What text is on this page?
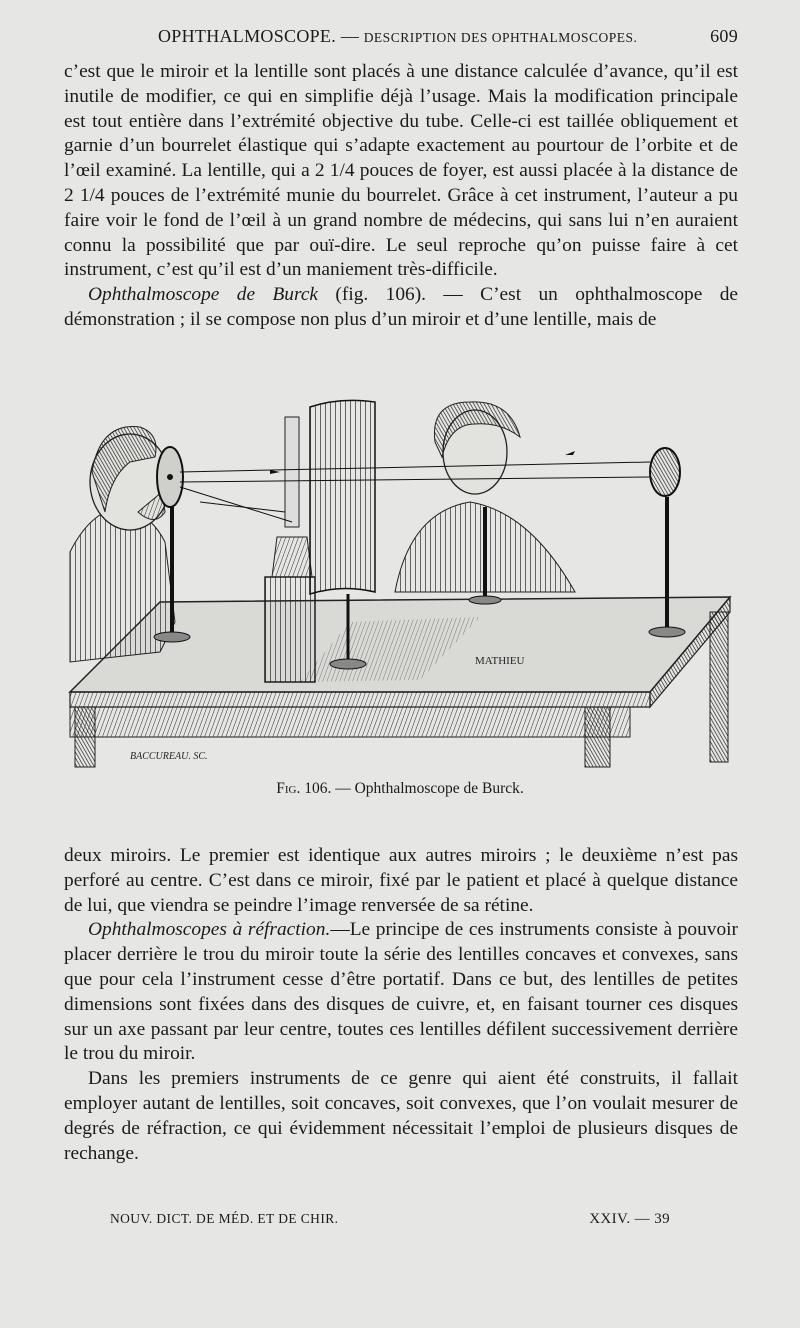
OPHTHALMOSCOPE. — DESCRIPTION DES OPHTHALMOSCOPES.	609

c’est que le miroir et la lentille sont placés à une distance calculée d’avance, qu’il est inutile de modifier, ce qui en simplifie déjà l’usage. Mais la modification principale est tout entière dans l’extrémité objective du tube. Celle-ci est taillée obliquement et garnie d’un bourrelet élastique qui s’adapte exactement au pourtour de l’orbite et de l’œil examiné. La lentille, qui a 2 1/4 pouces de foyer, est aussi placée à la distance de 2 1/4 pouces de l’extrémité munie du bourrelet. Grâce à cet instrument, l’auteur a pu faire voir le fond de l’œil à un grand nombre de médecins, qui sans lui n’en auraient connu la possibilité que par ouï-dire. Le seul reproche qu’on puisse faire à cet instrument, c’est qu’il est d’un maniement très-difficile.

Ophthalmoscope de Burck (fig. 106). — C’est un ophthalmoscope de démonstration ; il se compose non plus d’un miroir et d’une lentille, mais de

BACCUREAU. SC.
MATHIEU
Fig. 106. — Ophthalmoscope de Burck.

deux miroirs. Le premier est identique aux autres miroirs ; le deuxième n’est pas perforé au centre. C’est dans ce miroir, fixé par le patient et placé à quelque distance de lui, que viendra se peindre l’image renversée de sa rétine.

Ophthalmoscopes à réfraction.—Le principe de ces instruments consiste à pouvoir placer derrière le trou du miroir toute la série des lentilles concaves et convexes, sans que pour cela l’instrument cesse d’être portatif. Dans ce but, des lentilles de petites dimensions sont fixées dans des disques de cuivre, et, en faisant tourner ces disques sur un axe passant par leur centre, toutes ces lentilles défilent successivement derrière le trou du miroir.

Dans les premiers instruments de ce genre qui aient été construits, il fallait employer autant de lentilles, soit concaves, soit convexes, que l’on voulait mesurer de degrés de réfraction, ce qui évidemment nécessitait l’emploi de plusieurs disques de rechange.

NOUV. DICT. DE MÉD. ET DE CHIR.	XXIV. — 39
